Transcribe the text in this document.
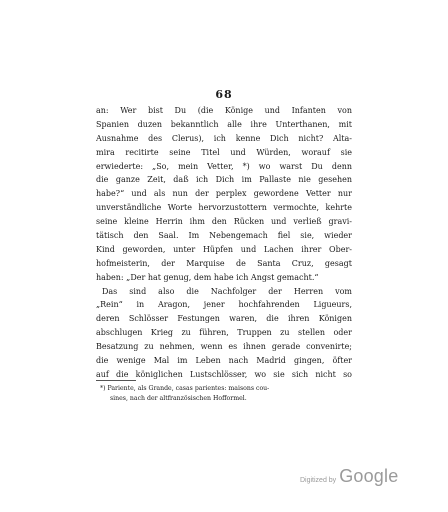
68
an: Wer bist Du (die Könige und Infanten von
Spanien duzen bekanntlich alle ihre Unterthanen, mit
Ausnahme des Clerus), ich kenne Dich nicht? Alta-
mira recitirte seine Titel und Würden, worauf sie
erwiederte: „So, mein Vetter, *) wo warst Du denn
die ganze Zeit, daß ich Dich im Pallaste nie gesehen
habe?“ und als nun der perplex gewordene Vetter nur
unverständliche Worte hervorzustottern vermochte, kehrte
seine kleine Herrin ihm den Rücken und verließ gravi-
tätisch den Saal. Im Nebengemach fiel sie, wieder
Kind geworden, unter Hüpfen und Lachen ihrer Ober-
hofmeisterin, der Marquise de Santa Cruz, gesagt
haben: „Der hat genug, dem habe ich Angst gemacht.“
Das sind also die Nachfolger der Herren vom
„Rein“ in Aragon, jener hochfahrenden Ligueurs,
deren Schlösser Festungen waren, die ihren Königen
abschlugen Krieg zu führen, Truppen zu stellen oder
Besatzung zu nehmen, wenn es ihnen gerade convenirte;
die wenige Mal im Leben nach Madrid gingen, öfter
auf die königlichen Lustschlösser, wo sie sich nicht so
*) Pariente, als Grande, casas parientes: maisons cou-
sines, nach der altfranzösischen Hofformel.
Digitized by Google
